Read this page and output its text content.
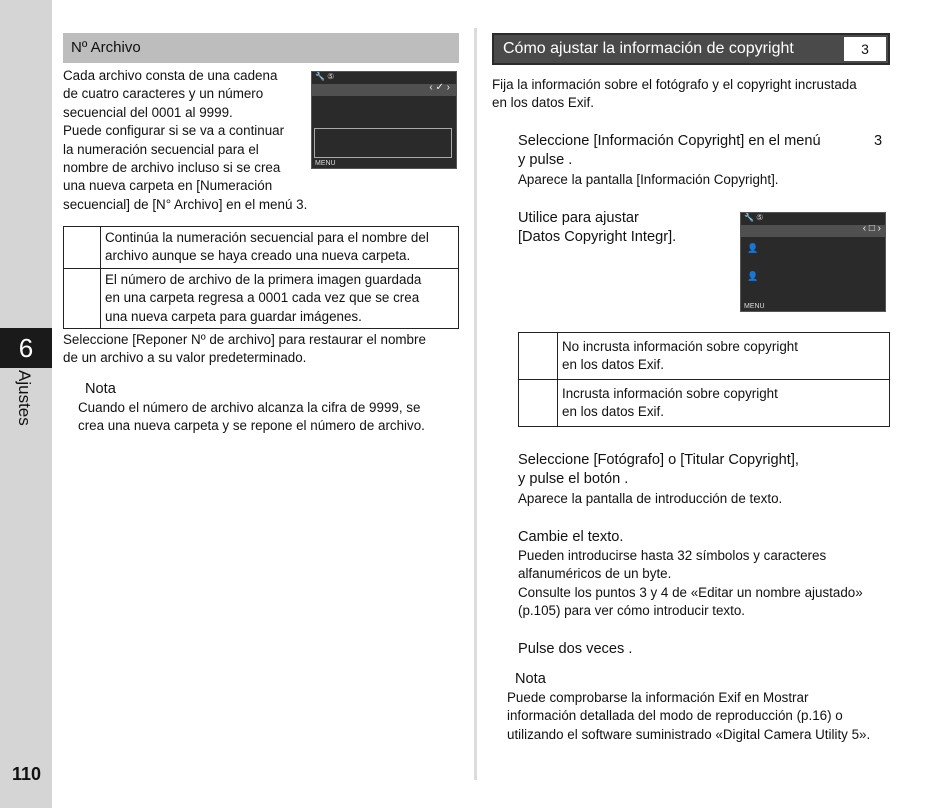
6
Ajustes
110
Nº Archivo
Cada archivo consta de una cadena
de cuatro caracteres y un número
secuencial del 0001 al 9999.
Puede configurar si se va a continuar
la numeración secuencial para el
nombre de archivo incluso si se crea
una nueva carpeta en [Numeración
secuencial] de [N° Archivo] en el menú 3.
🔧 ⑤
‹ ✓ ›
MENU

	Continúa la numeración secuencial para el nombre del
archivo aunque se haya creado una nueva carpeta.

	El número de archivo de la primera imagen guardada
en una carpeta regresa a 0001 cada vez que se crea
una nueva carpeta para guardar imágenes.
Seleccione [Reponer Nº de archivo] para restaurar el nombre
de un archivo a su valor predeterminado.
Nota
Cuando el número de archivo alcanza la cifra de 9999, se
crea una nueva carpeta y se repone el número de archivo.
Cómo ajustar la información de copyright	3
Fija la información sobre el fotógrafo y el copyright incrustada
en los datos Exif.
Seleccione [Información Copyright] en el menú
y pulse .
3
Aparece la pantalla [Información Copyright].
Utilice para ajustar
[Datos Copyright Integr].
🔧 ⑤
‹ □ ›
👤
👤
MENU

	No incrusta información sobre copyright
en los datos Exif.

	Incrusta información sobre copyright
en los datos Exif.
Seleccione [Fotógrafo] o [Titular Copyright],
y pulse el botón .
Aparece la pantalla de introducción de texto.
Cambie el texto.
Pueden introducirse hasta 32 símbolos y caracteres
alfanuméricos de un byte.
Consulte los puntos 3 y 4 de «Editar un nombre ajustado»
(p.105) para ver cómo introducir texto.
Pulse dos veces .
Nota
Puede comprobarse la información Exif en Mostrar
información detallada del modo de reproducción (p.16) o
utilizando el software suministrado «Digital Camera Utility 5».
